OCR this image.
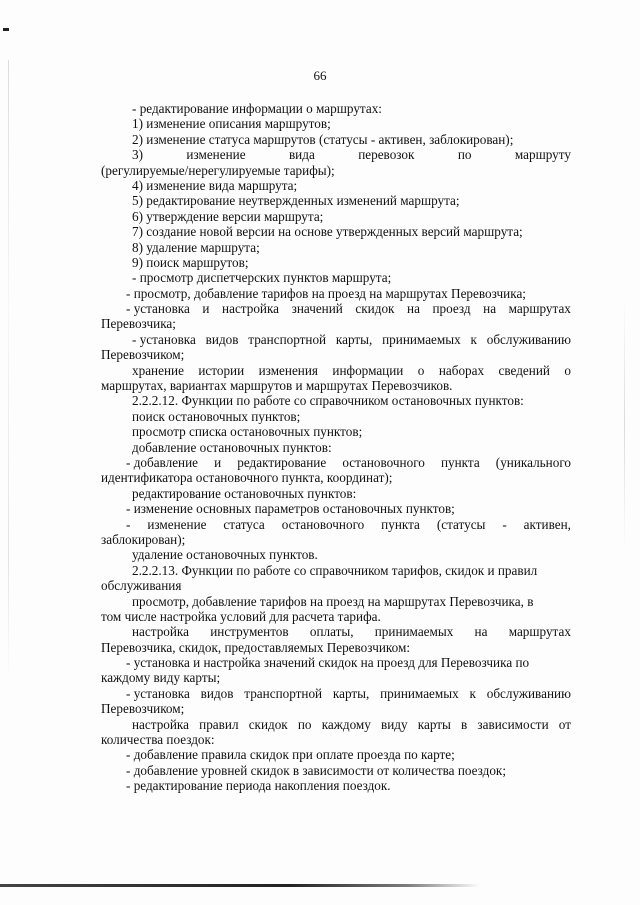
66
- редактирование информации о маршрутах:
1) изменение описания маршрутов;
2) изменение статуса маршрутов (статусы - активен, заблокирован);
3)	изменение	вида	перевозок	по	маршруту
(регулируемые/нерегулируемые тарифы);
4) изменение вида маршрута;
5) редактирование неутвержденных изменений маршрута;
6) утверждение версии маршрута;
7) создание новой версии на основе утвержденных версий маршрута;
8) удаление маршрута;
9) поиск маршрутов;
- просмотр диспетчерских пунктов маршрута;
- просмотр, добавление тарифов на проезд на маршрутах Перевозчика;
- установка и настройка значений скидок на проезд на маршрутах
Перевозчика;
- установка видов транспортной карты, принимаемых к обслуживанию
Перевозчиком;
хранение истории изменения информации о наборах сведений о
маршрутах, вариантах маршрутов и маршрутах Перевозчиков.
2.2.2.12. Функции по работе со справочником остановочных пунктов:
поиск остановочных пунктов;
просмотр списка остановочных пунктов;
добавление остановочных пунктов:
- добавление и редактирование остановочного пункта (уникального
идентификатора остановочного пункта, координат);
редактирование остановочных пунктов:
- изменение основных параметров остановочных пунктов;
- изменение статуса остановочного пункта (статусы - активен,
заблокирован);
удаление остановочных пунктов.
2.2.2.13. Функции по работе со справочником тарифов, скидок и правил
обслуживания
просмотр, добавление тарифов на проезд на маршрутах Перевозчика, в
том числе настройка условий для расчета тарифа.
настройка инструментов оплаты, принимаемых на маршрутах
Перевозчика, скидок, предоставляемых Перевозчиком:
- установка и настройка значений скидок на проезд для Перевозчика по
каждому виду карты;
- установка видов транспортной карты, принимаемых к обслуживанию
Перевозчиком;
настройка правил скидок по каждому виду карты в зависимости от
количества поездок:
- добавление правила скидок при оплате проезда по карте;
- добавление уровней скидок в зависимости от количества поездок;
- редактирование периода накопления поездок.
